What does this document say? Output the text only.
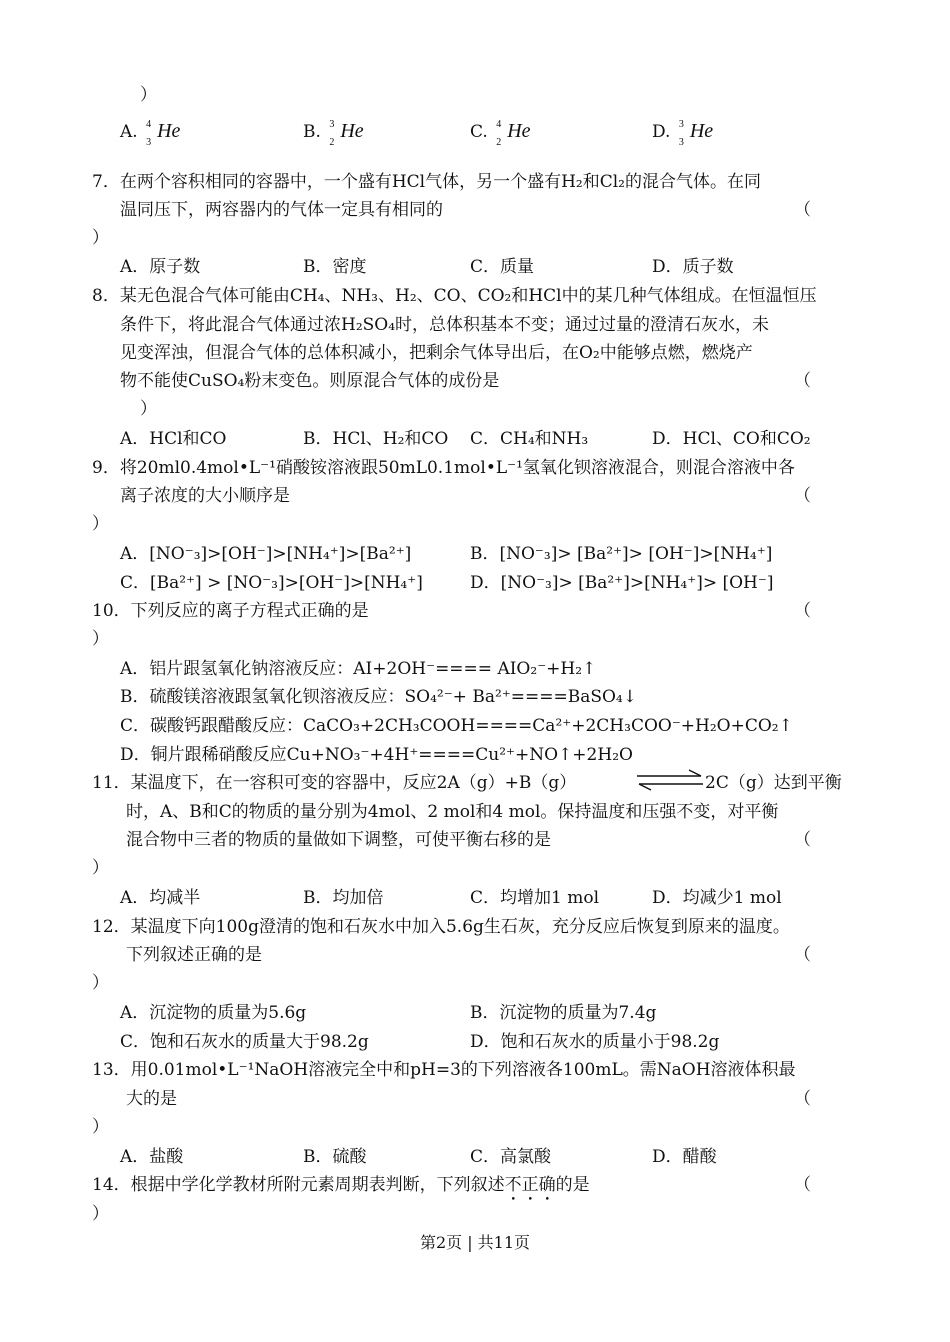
）
A. 4
3
He	B. 3
2
He	C. 4
2
He	D. 3
3
He
7．在两个容积相同的容器中，一个盛有HCl气体，另一个盛有H₂和Cl₂的混合气体。在同
温同压下，两容器内的气体一定具有相同的	（
）
A．原子数	B．密度	C．质量	D．质子数
8．某无色混合气体可能由CH₄、NH₃、H₂、CO、CO₂和HCl中的某几种气体组成。在恒温恒压
条件下，将此混合气体通过浓H₂SO₄时，总体积基本不变；通过过量的澄清石灰水，未
见变浑浊，但混合气体的总体积减小，把剩余气体导出后，在O₂中能够点燃，燃烧产
物不能使CuSO₄粉末变色。则原混合气体的成份是	（
）
A．HCl和CO	B．HCl、H₂和CO C．CH₄和NH₃	D．HCl、CO和CO₂
9．将20ml0.4mol•L⁻¹硝酸铵溶液跟50mL0.1mol•L⁻¹氢氧化钡溶液混合，则混合溶液中各
离子浓度的大小顺序是	（
）
A．[NO⁻₃]>[OH⁻]>[NH₄⁺]>[Ba²⁺]	B．[NO⁻₃]> [Ba²⁺]> [OH⁻]>[NH₄⁺]
C．[Ba²⁺] > [NO⁻₃]>[OH⁻]>[NH₄⁺]	D．[NO⁻₃]> [Ba²⁺]>[NH₄⁺]> [OH⁻]
10．下列反应的离子方程式正确的是	（
）
A．铝片跟氢氧化钠溶液反应：AI+2OH⁻==== AIO₂⁻+H₂↑
B．硫酸镁溶液跟氢氧化钡溶液反应：SO₄²⁻+ Ba²⁺====BaSO₄↓
C．碳酸钙跟醋酸反应：CaCO₃+2CH₃COOH====Ca²⁺+2CH₃COO⁻+H₂O+CO₂↑
D．铜片跟稀硝酸反应Cu+NO₃⁻+4H⁺====Cu²⁺+NO↑+2H₂O
11．某温度下，在一容积可变的容器中，反应2A（g）+B（g）	2C（g）达到平衡
时，A、B和C的物质的量分别为4mol、2 mol和4 mol。保持温度和压强不变，对平衡
混合物中三者的物质的量做如下调整，可使平衡右移的是	（
）
A．均减半	B．均加倍	C．均增加1 mol	D．均减少1 mol
12．某温度下向100g澄清的饱和石灰水中加入5.6g生石灰，充分反应后恢复到原来的温度。
下列叙述正确的是	（
）
A．沉淀物的质量为5.6g	B．沉淀物的质量为7.4g
C．饱和石灰水的质量大于98.2g	D．饱和石灰水的质量小于98.2g
13．用0.01mol•L⁻¹NaOH溶液完全中和pH=3的下列溶液各100mL。需NaOH溶液体积最
大的是	（
）
A．盐酸	B．硫酸	C．高氯酸	D．醋酸
14．根据中学化学教材所附元素周期表判断，下列叙述不正确的是	（
）
第2页 | 共11页
